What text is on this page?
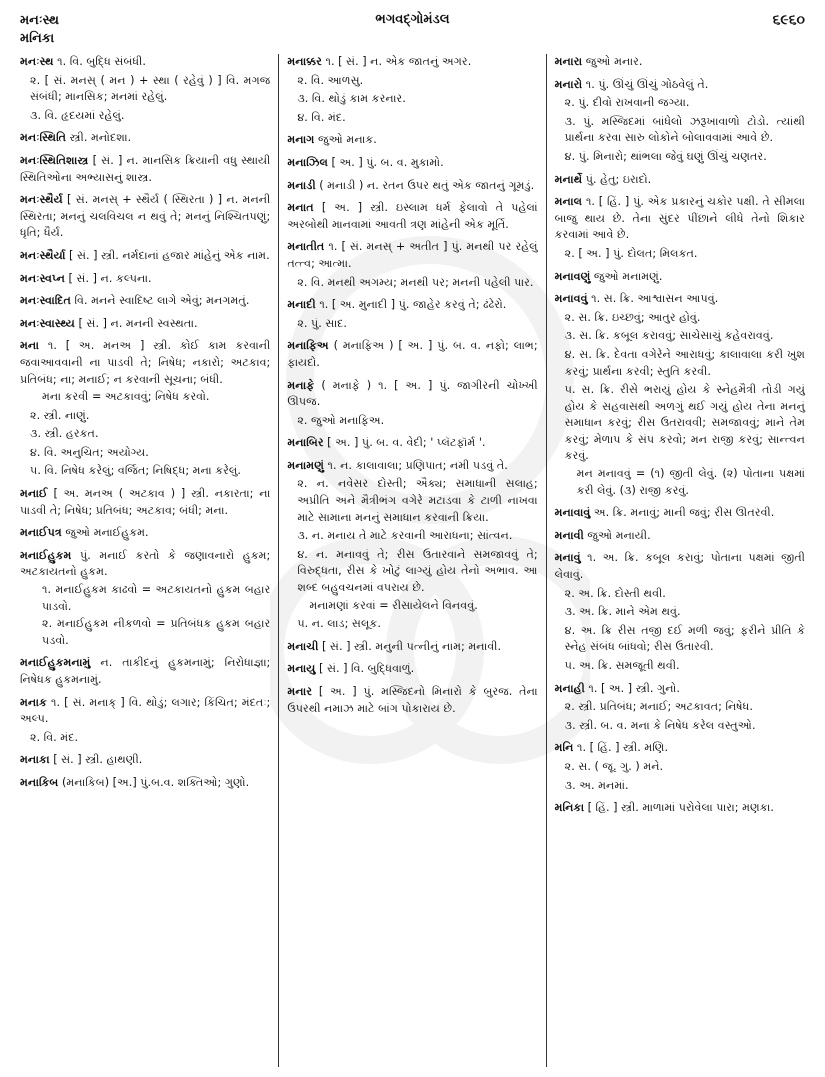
મનઃસ્થ
મનિકા
ભગવદ્ગોમંડલ	૬૯૬૦
મનઃસ્થ ૧. વિ. બુદ્ધિ સંબંધી.
૨. [ સં. મનસ્ ( મન ) + સ્થા ( રહેવું ) ] વિ. મગજ સંબંધી; માનસિક; મનમાં રહેલું.
૩. વિ. હૃદયમાં રહેલું.
મનઃસ્થિતિ સ્ત્રી. મનોદશા.
મનઃસ્થિતિશાસ્ત્ર [ સં. ] ન. માનસિક ક્રિયાની વધુ સ્થાયી સ્થિતિઓના અભ્યાસનું શાસ્ત્ર.
મનઃસ્થૈર્ય [ સં. મનસ્ + સ્થૈર્ય ( સ્થિરતા ) ] ન. મનની સ્થિરતા; મનનું ચલવિચલ ન થવું તે; મનનું નિશ્ચિતપણું; ધૃતિ; ધૈર્ય.
મનઃસ્થૈર્યા [ સં. ] સ્ત્રી. નર્મદાનાં હજાર માંહેનું એક નામ.
મનઃસ્વપ્ન [ સં. ] ન. કલ્પના.
મનઃસ્વાદિત વિ. મનને સ્વાદિષ્ટ લાગે એવું; મનગમતું.
મનઃસ્વાસ્થ્ય [ સં. ] ન. મનની સ્વસ્થતા.
મના ૧. [ અ. મનઅ ] સ્ત્રી. કોઈ કામ કરવાની જવાઆવવાની ના પાડવી તે; નિષેધ; નકારો; અટકાવ; પ્રતિબંધ; ના; મનાઈ; ન કરવાની સૂચના; બંધી.
મના કરવી = અટકાવવું; નિષેધ કરવો.
૨. સ્ત્રી. નાણું.
૩. સ્ત્રી. હરકત.
૪. વિ. અનુચિત; અયોગ્ય.
૫. વિ. નિષેધ કરેલું; વર્જિત; નિષિદ્ધ; મના કરેલું.
મનાઈ [ અ. મનઅ ( અટકાવ ) ] સ્ત્રી. નકારતા; ના પાડવી તે; નિષેધ; પ્રતિબંધ; અટકાવ; બંધી; મના.
મનાઈપત્ર જુઓ મનાઈહુકમ.
મનાઈહુકમ પું. મનાઈ કરતો કે જણાવનારો હુકમ; અટકાયતનો હુકમ.
૧. મનાઈહુકમ કાઢવો = અટકાયતનો હુકમ બહાર પાડવો.
૨. મનાઈહુકમ નીકળવો = પ્રતિબંધક હુકમ બહાર પડવો.
મનાઈહુકમનામું ન. તાકીદનું હુકમનામું; નિરોધાજ્ઞા; નિષેધક હુકમનામું.
મનાક ૧. [ સં. મનાક્ ] વિ. થોડું; લગાર; કિંચિત; મંદતઃ; અલ્પ.
૨. વિ. મંદ.
મનાકા [ સં. ] સ્ત્રી. હાથણી.
મનાકિબ (મનાકિબ) [અ.] પું.બ.વ. શક્તિઓ; ગુણો.
મનાક્કર ૧. [ સં. ] ન. એક જાતનું અગર.
૨. વિ. આળસુ.
૩. વિ. થોડું કામ કરનાર.
૪. વિ. મંદ.
મનાગ જુઓ મનાક.
મનાઝિલ [ અ. ] પું. બ. વ. મુકામો.
મનાડી ( મનાડી ) ન. રતન ઉપર થતું એક જાતનું ગૂમડું.
મનાત [ અ. ] સ્ત્રી. ઇસ્લામ ધર્મ ફેલાવો તે પહેલાં અરબોથી માનવામાં આવતી ત્રણ માંહેની એક મૂર્તિ.
મનાતીત ૧. [ સં. મનસ્ + અતીત ] પું. મનથી પર રહેલું તત્ત્વ; આત્મા.
૨. વિ. મનથી અગમ્ય; મનથી પર; મનની પહેલી પાર.
મનાદી ૧. [ અ. મુનાદી ] પું. જાહેર કરવું તે; ઢંઢેરો.
૨. પું. સાદ.
મનાફિઅ ( મનાફિઅ ) [ અ. ] પું. બ. વ. નફો; લાભ; ફાયદો.
મનાફે ( મનાફે ) ૧. [ અ. ] પું. જાગીરની ચોખ્ખી ઊપજ.
૨. જુઓ મનાફિઅ.
મનાબિર [ અ. ] પું. બ. વ. વેદી; ' પ્લૅટફૉર્મ '.
મનામણું ૧. ન. કાલાવાલા; પ્રણિપાત; નમી પડવું તે.
૨. ન. નવેસર દોસ્તી; ઐક્ય; સમાધાની સલાહ; અપ્રીતિ અને મૈત્રીભંગ વગેરે મટાડવા કે ટાળી નાખવા માટે સામાના મનનું સમાધાન કરવાની ક્રિયા.
૩. ન. મનાય તે માટે કરવાની આરાધના; સાંત્વન.
૪. ન. મનાવવું તે; રીસ ઉતારવાને સમજાવવું તે; વિરુદ્ધતા, રીસ કે ખોટું લાગ્યું હોય તેનો અભાવ. આ શબ્દ બહુવચનમાં વપરાય છે.
મનામણાં કરવાં = રીસાયેલને વિનવવું.
૫. ન. લાડ; સલૂક.
મનાચી [ સં. ] સ્ત્રી. મનુની પત્નીનું નામ; મનાવી.
મનાયુ [ સં. ] વિ. બુદ્ધિવાળું.
મનાર [ અ. ] પું. મસ્જિદનો મિનારો કે બુરજ. તેના ઉપરથી નમાઝ માટે બાંગ પોકારાય છે.
મનારા જુઓ મનાર.
મનારો ૧. પું. ઊંચું ઊંચું ગોઠવેલું તે.
૨. પું. દીવો રાખવાની જગ્યા.
૩. પું. મસ્જિદમાં બાંધેલો ઝરૂખાવાળો ટોડો. ત્યાંથી પ્રાર્થના કરવા સારુ લોકોને બોલાવવામાં આવે છે.
૪. પું. મિનારો; થાંભલા જેવું ઘણું ઊંચું ચણતર.
મનાર્થે પું. હેતુ; ઇરાદો.
મનાલ ૧. [ હિં. ] પું. એક પ્રકારનું ચકોર પક્ષી. તે સીમલા બાજુ થાય છે. તેના સુંદર પીંછાને લીધે તેનો શિકાર કરવામાં આવે છે.
૨. [ અ. ] પું. દોલત; મિલકત.
મનાવણું જુઓ મનામણું.
મનાવવું ૧. સ. ક્રિ. આશ્વાસન આપવું.
૨. સ. ક્રિ. ઇચ્છવું; આતુર હોવું.
૩. સ. ક્રિ. કબૂલ કરાવવું; સાચેસાચું કહેવરાવવું.
૪. સ. ક્રિ. દેવતા વગેરેને આરાધવું; કાલાવાલા કરી ખુશ કરવું; પ્રાર્થના કરવી; સ્તુતિ કરવી.
૫. સ. ક્રિ. રીસે ભરાયું હોય કે સ્નેહમૈત્રી તોડી ગયું હોય કે સહવાસથી અળગું થઈ ગયું હોય તેના મનનું સમાધાન કરવું; રીસ ઉતરાવવી; સમજાવવું; માને તેમ કરવું; મેળાપ કે સંપ કરવો; મન રાજી કરવું; સાન્ત્વન કરવું.
મન મનાવવું = (૧) જીતી લેવું. (૨) પોતાના પક્ષમાં કરી લેવું. (૩) રાજી કરવું.
મનાવાવું અ. ક્રિ. મનાવું; માની જવું; રીસ ઊતરવી.
મનાવી જુઓ મનાયી.
મનાવું ૧. અ. ક્રિ. કબૂલ કરાવું; પોતાના પક્ષમાં જીતી લેવાવું.
૨. અ. ક્રિ. દોસ્તી થવી.
૩. અ. ક્રિ. માને એમ થવું.
૪. અ. ક્રિ રીસ તજી દઈ મળી જવું; ફરીને પ્રીતિ કે સ્નેહ સંબંધ બાંધવો; રીસ ઉતારવી.
૫. અ. ક્રિ. સમજૂતી થવી.
મનાહી ૧. [ અ. ] સ્ત્રી. ગુનો.
૨. સ્ત્રી. પ્રતિબંધ; મનાઈ; અટકાવત; નિષેધ.
૩. સ્ત્રી. બ. વ. મના કે નિષેધ કરેલ વસ્તુઓ.
મનિ ૧. [ હિં. ] સ્ત્રી. મણિ.
૨. સ. ( જૂ. ગુ. ) મને.
૩. અ. મનમાં.
મનિકા [ હિં. ] સ્ત્રી. માળામાં પરોવેલા પારા; મણકા.
